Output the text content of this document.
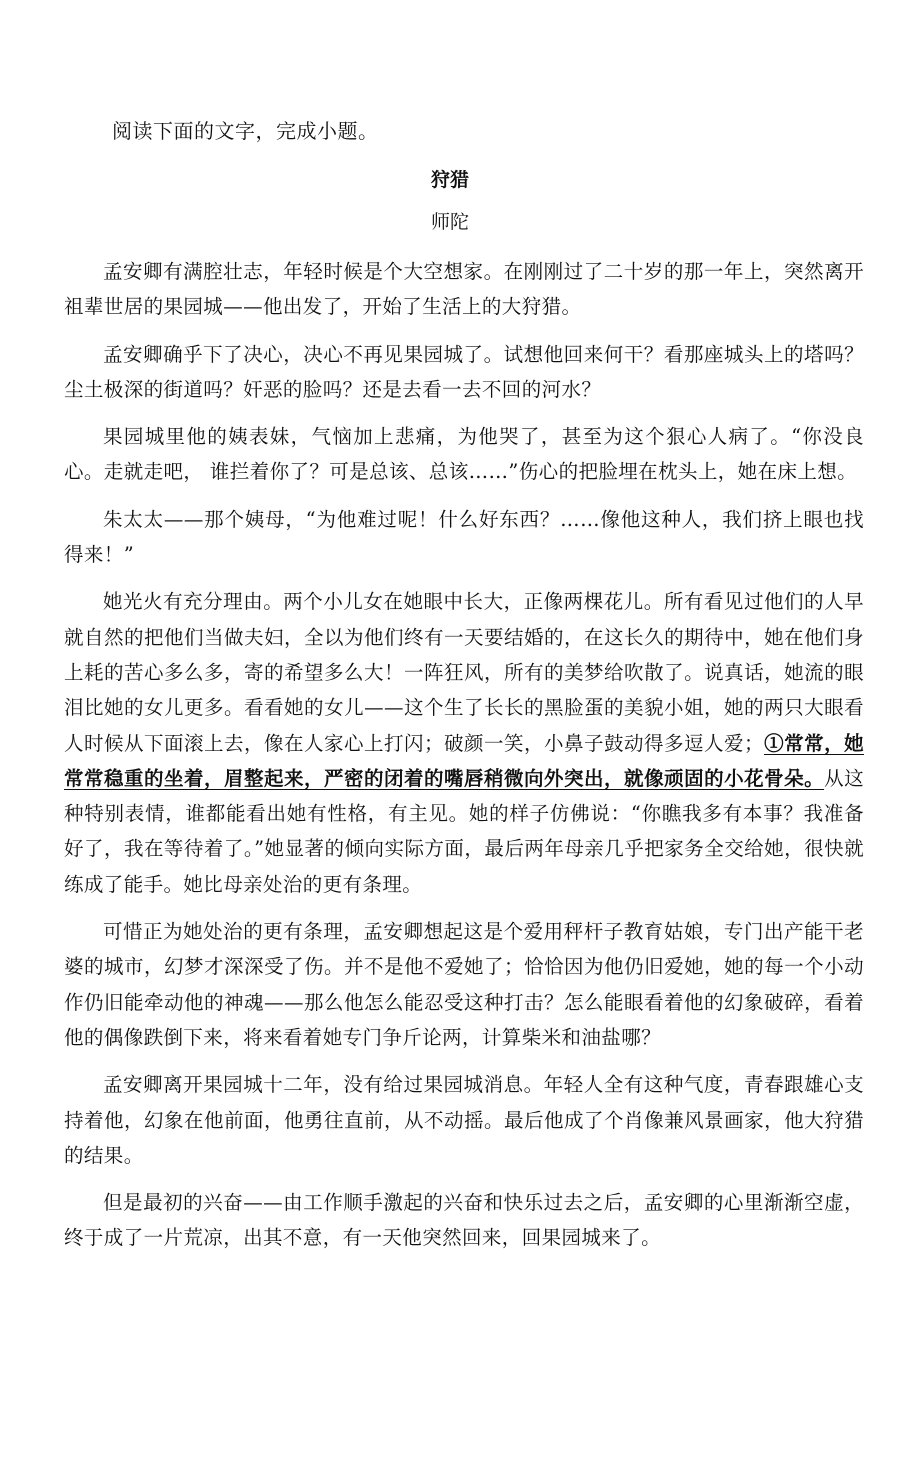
阅读下面的文字，完成小题。
狩猎
师陀

孟安卿有满腔壮志，年轻时候是个大空想家。在刚刚过了二十岁的那一年上，突然离开祖辈世居的果园城——他出发了，开始了生活上的大狩猎。

孟安卿确乎下了决心，决心不再见果园城了。试想他回来何干？看那座城头上的塔吗？尘土极深的街道吗？奸恶的脸吗？还是去看一去不回的河水？

果园城里他的姨表妹，气恼加上悲痛，为他哭了，甚至为这个狠心人病了。“你没良心。走就走吧， 谁拦着你了？可是总该、总该……”伤心的把脸埋在枕头上，她在床上想。

朱太太——那个姨母，“为他难过呢！什么好东西？……像他这种人，我们挤上眼也找得来！”

她光火有充分理由。两个小儿女在她眼中长大，正像两棵花儿。所有看见过他们的人早就自然的把他们当做夫妇，全以为他们终有一天要结婚的，在这长久的期待中，她在他们身上耗的苦心多么多，寄的希望多么大！一阵狂风，所有的美梦给吹散了。说真话，她流的眼泪比她的女儿更多。看看她的女儿——这个生了长长的黑脸蛋的美貌小姐，她的两只大眼看人时候从下面滚上去，像在人家心上打闪；破颜一笑，小鼻子鼓动得多逗人爱；①常常，她常常稳重的坐着，眉整起来，严密的闭着的嘴唇稍微向外突出，就像顽固的小花骨朵。从这种特别表情，谁都能看出她有性格，有主见。她的样子仿佛说：“你瞧我多有本事？我准备好了，我在等待着了。”她显著的倾向实际方面，最后两年母亲几乎把家务全交给她，很快就练成了能手。她比母亲处治的更有条理。

可惜正为她处治的更有条理，孟安卿想起这是个爱用秤杆子教育姑娘，专门出产能干老婆的城市，幻梦才深深受了伤。并不是他不爱她了；恰恰因为他仍旧爱她，她的每一个小动作仍旧能牵动他的神魂——那么他怎么能忍受这种打击？怎么能眼看着他的幻象破碎，看着他的偶像跌倒下来，将来看着她专门争斤论两，计算柴米和油盐哪？

孟安卿离开果园城十二年，没有给过果园城消息。年轻人全有这种气度，青春跟雄心支持着他，幻象在他前面，他勇往直前，从不动摇。最后他成了个肖像兼风景画家，他大狩猎的结果。

但是最初的兴奋——由工作顺手激起的兴奋和快乐过去之后，孟安卿的心里渐渐空虚，终于成了一片荒凉，出其不意，有一天他突然回来，回果园城来了。
